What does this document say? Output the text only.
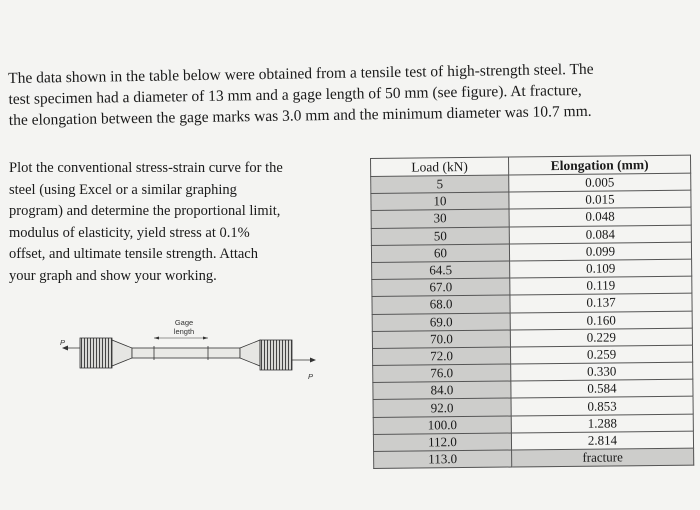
The data shown in the table below were obtained from a tensile test of high-strength steel. The

test specimen had a diameter of 13 mm and a gage length of 50 mm (see figure). At fracture,

the elongation between the gage marks was 3.0 mm and the minimum diameter was 10.7 mm.

Plot the conventional stress-strain curve for the

steel (using Excel or a similar graphing

program) and determine the proportional limit,

modulus of elasticity, yield stress at 0.1%

offset, and ultimate tensile strength. Attach

your graph and show your working.

Load (kN)	Elongation (mm)
5	0.005
10	0.015
30	0.048
50	0.084
60	0.099
64.5	0.109
67.0	0.119
68.0	0.137
69.0	0.160
70.0	0.229
72.0	0.259
76.0	0.330
84.0	0.584
92.0	0.853
100.0	1.288
112.0	2.814
113.0	fracture
Gage
length
P
P
